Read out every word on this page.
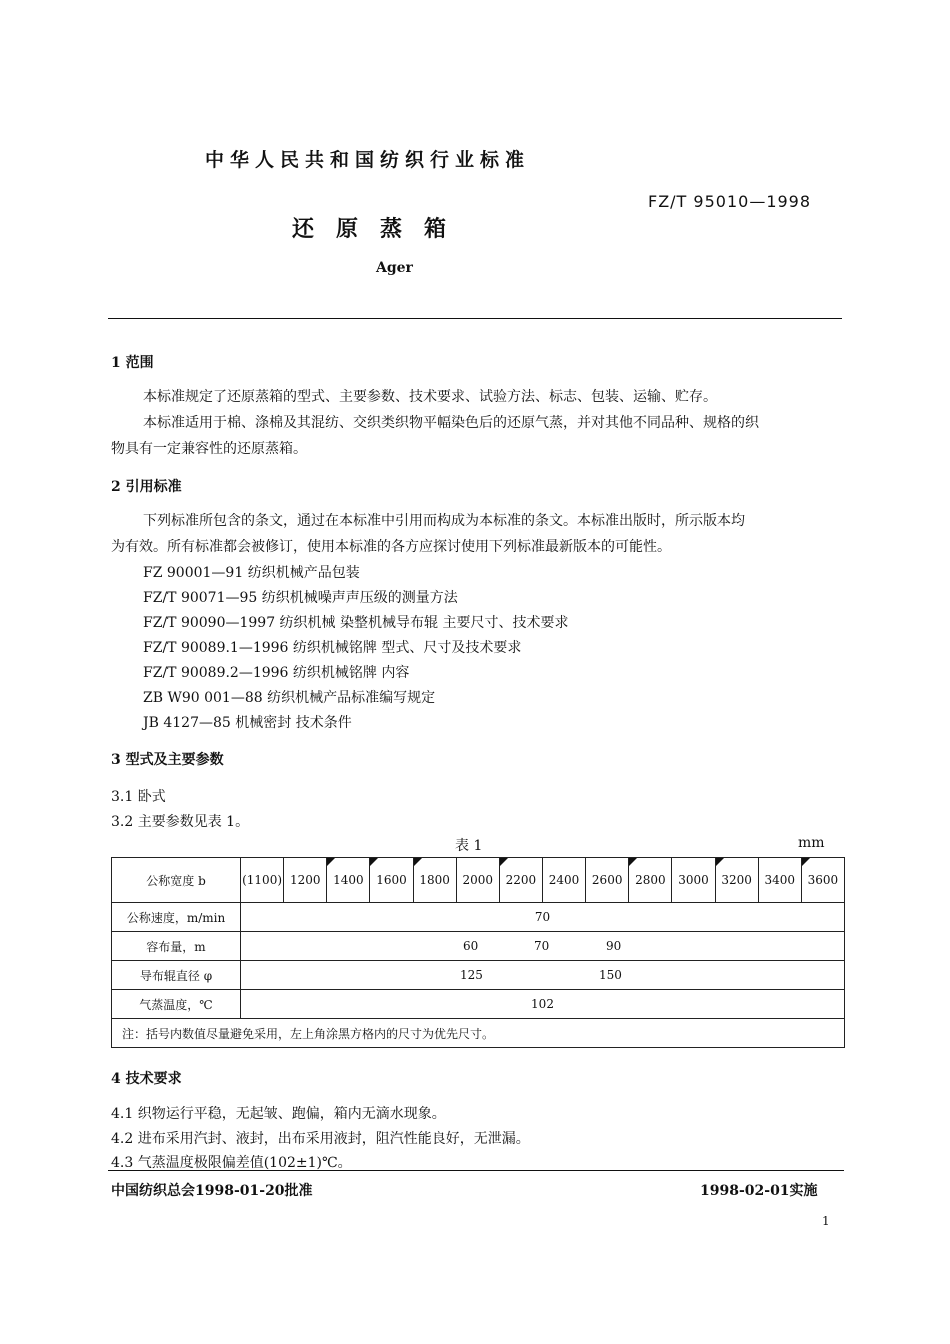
中华人民共和国纺织行业标准
FZ/T 95010—1998
还原蒸箱
Ager
1 范围
本标准规定了还原蒸箱的型式、主要参数、技术要求、试验方法、标志、包装、运输、贮存。
本标准适用于棉、涤棉及其混纺、交织类织物平幅染色后的还原气蒸，并对其他不同品种、规格的织
物具有一定兼容性的还原蒸箱。
2 引用标准
下列标准所包含的条文，通过在本标准中引用而构成为本标准的条文。本标准出版时，所示版本均
为有效。所有标准都会被修订，使用本标准的各方应探讨使用下列标准最新版本的可能性。
FZ 90001—91 纺织机械产品包装
FZ/T 90071—95 纺织机械噪声声压级的测量方法
FZ/T 90090—1997 纺织机械 染整机械导布辊 主要尺寸、技术要求
FZ/T 90089.1—1996 纺织机械铭牌 型式、尺寸及技术要求
FZ/T 90089.2—1996 纺织机械铭牌 内容
ZB W90 001—88 纺织机械产品标准编写规定
JB 4127—85 机械密封 技术条件
3 型式及主要参数
3.1 卧式
3.2 主要参数见表 1。
表 1	mm
公称宽度 b	(1100)	1200	1400	1600	1800	2000	2200	2400	2600	2800	3000	3200	3400	3600
公称速度，m/min	70													
容布量，m	60 70 90													

导布辊直径 φ	125 150													

气蒸温度，℃	102													
注：括号内数值尽量避免采用，左上角涂黑方格内的尺寸为优先尺寸。														
4 技术要求
4.1 织物运行平稳，无起皱、跑偏，箱内无滴水现象。
4.2 进布采用汽封、液封，出布采用液封，阻汽性能良好，无泄漏。
4.3 气蒸温度极限偏差值(102±1)℃。
中国纺织总会1998-01-20批准	1998-02-01实施
1
